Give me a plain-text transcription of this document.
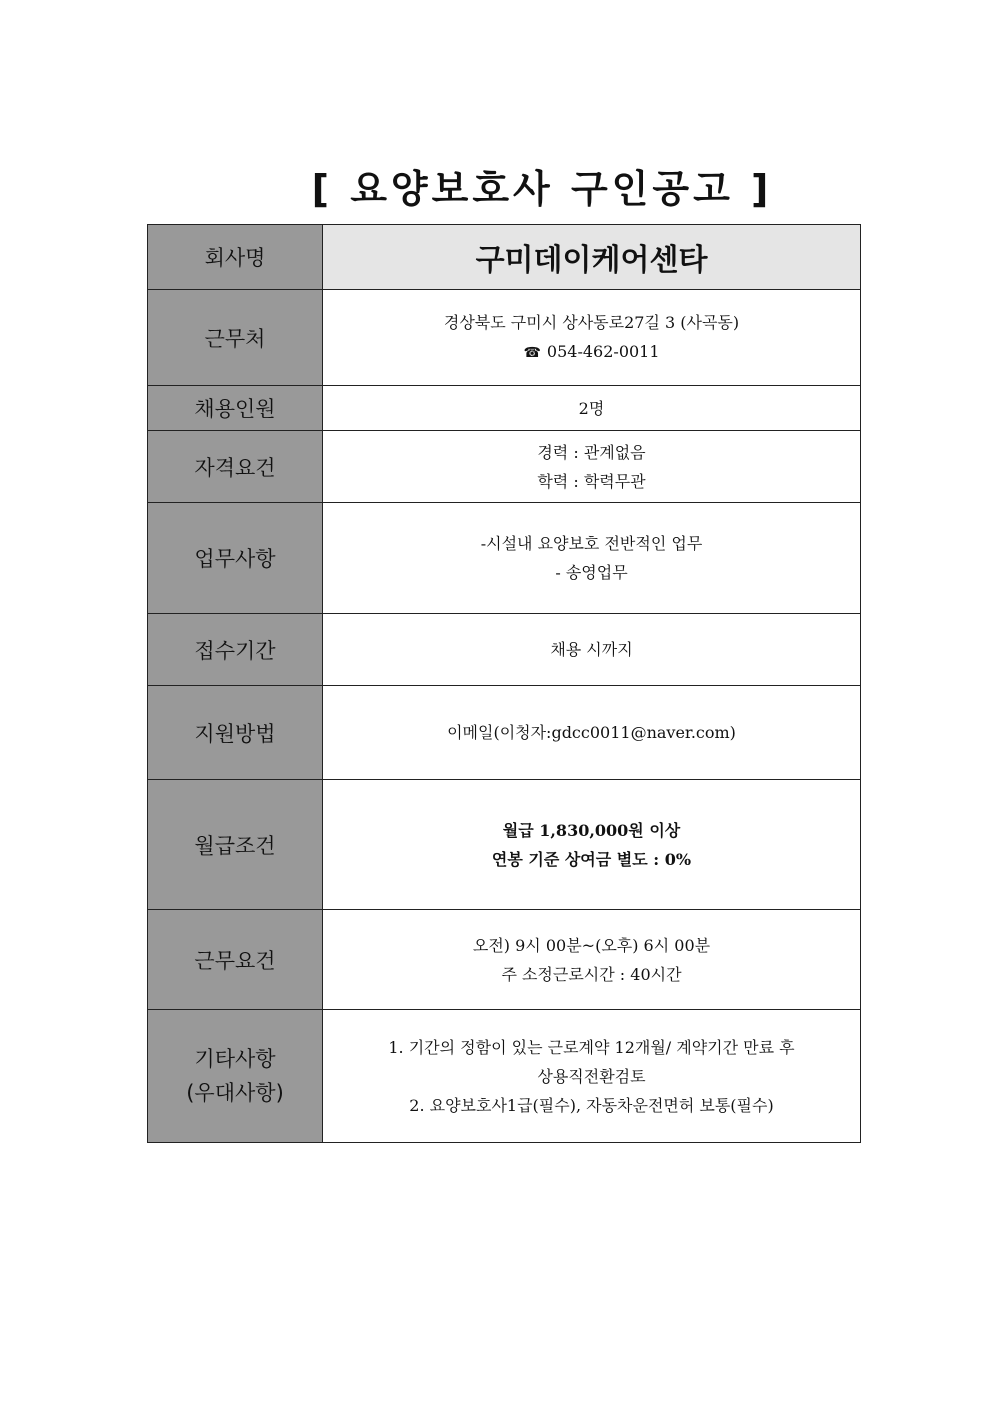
[ 요양보호사 구인공고 ]
회사명	구미데이케어센타
근무처	경상북도 구미시 상사동로27길 3 (사곡동)
☎ 054-462-0011

채용인원	2명
자격요건	경력 : 관계없음
학력 : 학력무관

업무사항	-시설내 요양보호 전반적인 업무
- 송영업무

접수기간	채용 시까지
지원방법	이메일(이청자:gdcc0011@naver.com)
월급조건	월급 1,830,000원 이상
연봉 기준 상여금 별도 : 0%

근무요건	오전) 9시 00분~(오후) 6시 00분
주 소정근로시간 : 40시간

기타사항
(우대사항)	1. 기간의 정함이 있는 근로계약 12개월/ 계약기간 만료 후
상용직전환검토
2. 요양보호사1급(필수), 자동차운전면허 보통(필수)
